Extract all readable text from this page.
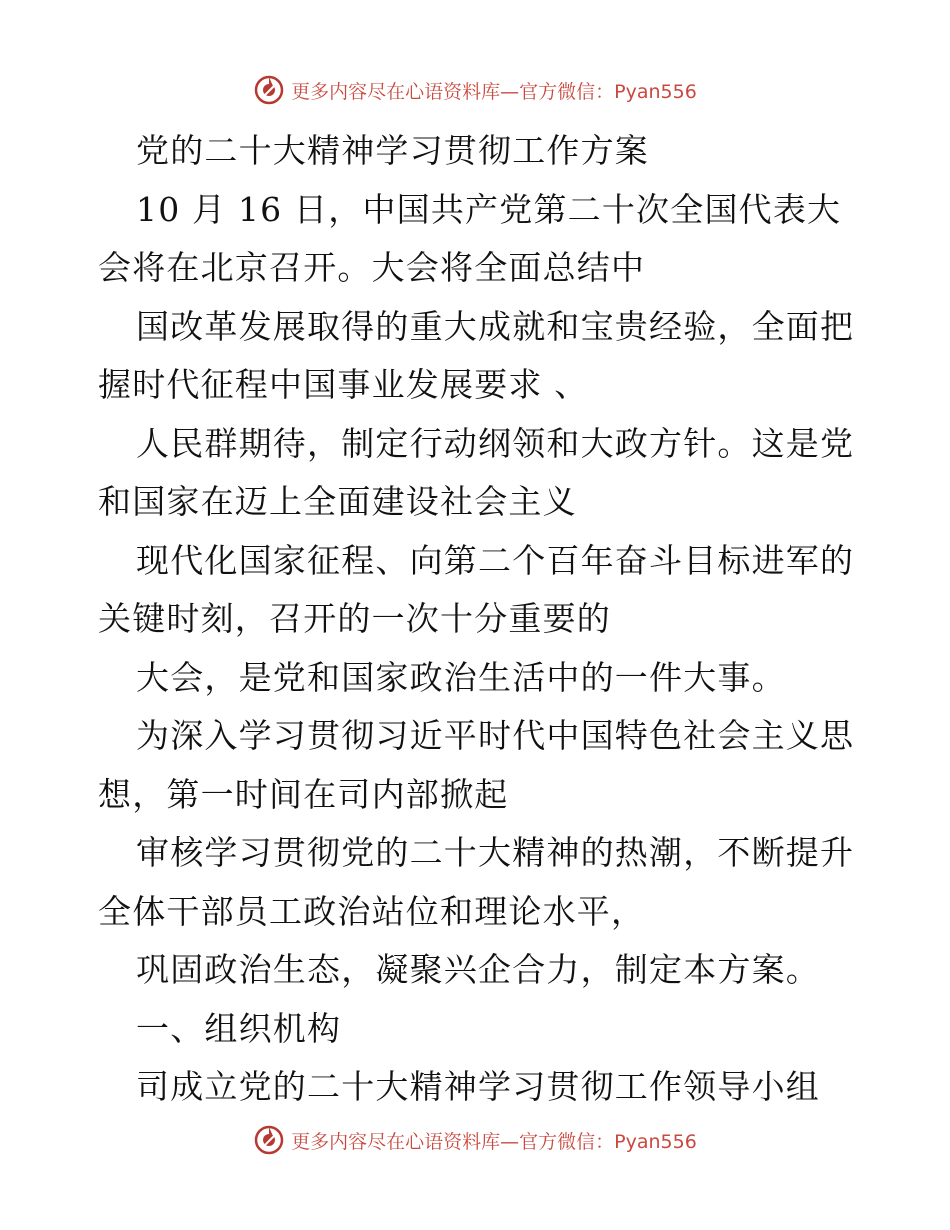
更多内容尽在心语资料库—官方微信：Pyan556
党的二十大精神学习贯彻工作方案
10 月 16 日，中国共产党第二十次全国代表大
会将在北京召开。大会将全面总结中
国改革发展取得的重大成就和宝贵经验，全面把
握时代征程中国事业发展要求 、
人民群期待，制定行动纲领和大政方针。这是党
和国家在迈上全面建设社会主义
现代化国家征程、向第二个百年奋斗目标进军的
关键时刻，召开的一次十分重要的
大会，是党和国家政治生活中的一件大事。
为深入学习贯彻习近平时代中国特色社会主义思
想，第一时间在司内部掀起
审核学习贯彻党的二十大精神的热潮，不断提升
全体干部员工政治站位和理论水平，
巩固政治生态，凝聚兴企合力，制定本方案。
一、组织机构
司成立党的二十大精神学习贯彻工作领导小组
更多内容尽在心语资料库—官方微信：Pyan556
